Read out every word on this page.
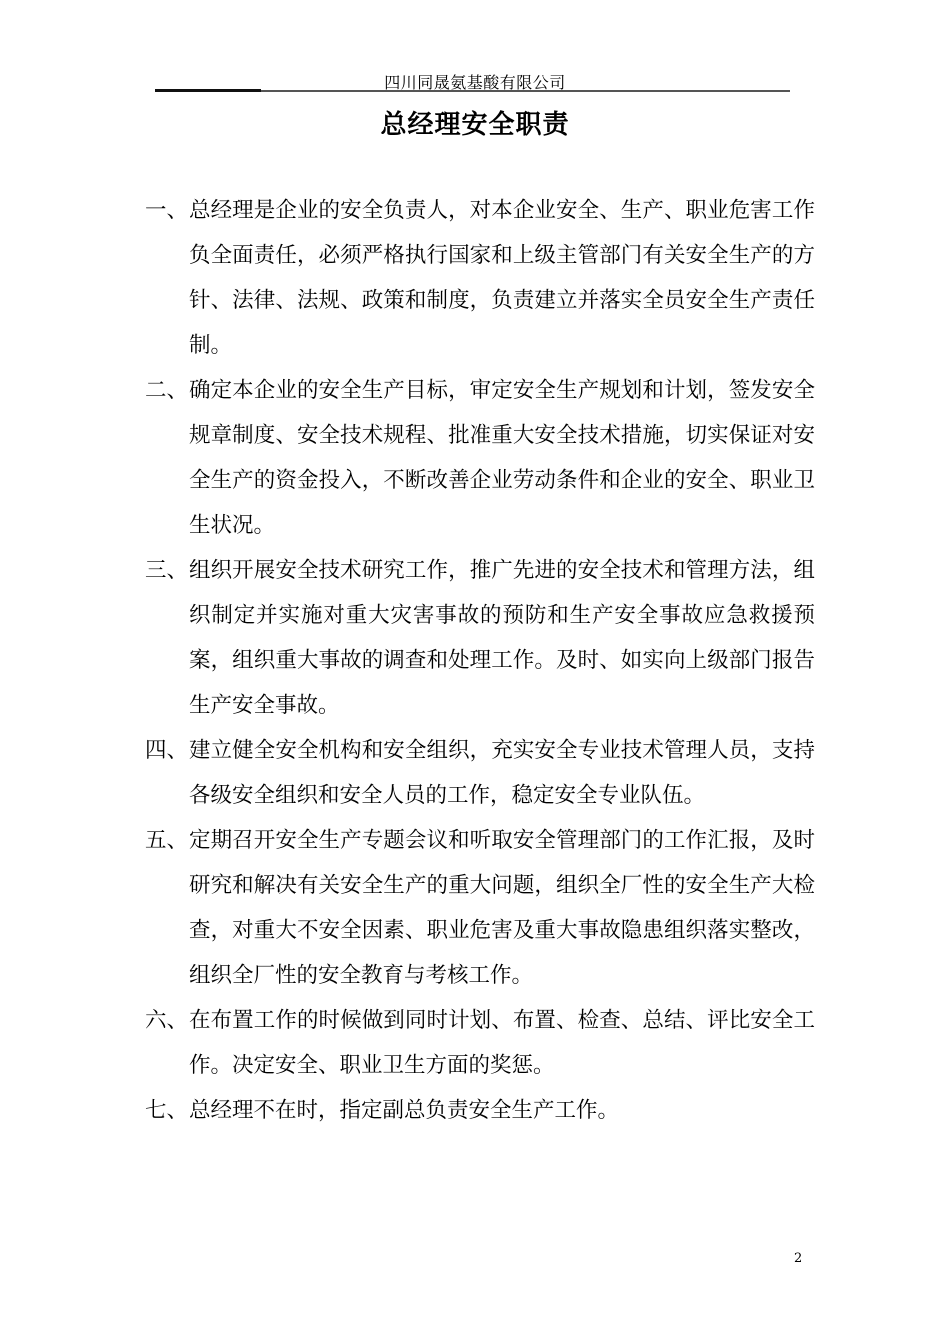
四川同晟氨基酸有限公司
总经理安全职责
一、 总经理是企业的安全负责人，对本企业安全、生产、职业危害工作负全面责任，必须严格执行国家和上级主管部门有关安全生产的方针、法律、法规、政策和制度，负责建立并落实全员安全生产责任制。
二、 确定本企业的安全生产目标，审定安全生产规划和计划，签发安全规章制度、安全技术规程、批准重大安全技术措施，切实保证对安全生产的资金投入，不断改善企业劳动条件和企业的安全、职业卫生状况。
三、 组织开展安全技术研究工作，推广先进的安全技术和管理方法，组织制定并实施对重大灾害事故的预防和生产安全事故应急救援预案，组织重大事故的调查和处理工作。及时、如实向上级部门报告生产安全事故。
四、 建立健全安全机构和安全组织，充实安全专业技术管理人员，支持各级安全组织和安全人员的工作，稳定安全专业队伍。
五、 定期召开安全生产专题会议和听取安全管理部门的工作汇报，及时研究和解决有关安全生产的重大问题，组织全厂性的安全生产大检查，对重大不安全因素、职业危害及重大事故隐患组织落实整改，组织全厂性的安全教育与考核工作。
六、 在布置工作的时候做到同时计划、布置、检查、总结、评比安全工作。决定安全、职业卫生方面的奖惩。
七、 总经理不在时，指定副总负责安全生产工作。
2
